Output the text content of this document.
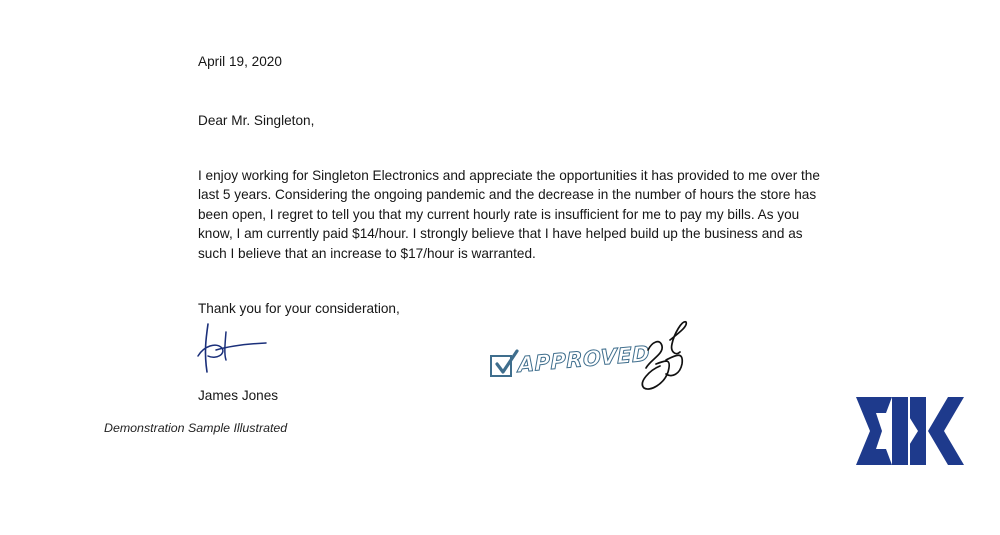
April 19, 2020
Dear Mr. Singleton,
I enjoy working for Singleton Electronics and appreciate the opportunities it has provided to me over the
last 5 years. Considering the ongoing pandemic and the decrease in the number of hours the store has
been open, I regret to tell you that my current hourly rate is insufficient for me to pay my bills. As you
know, I am currently paid $14/hour. I strongly believe that I have helped build up the business and as
such I believe that an increase to $17/hour is warranted.
Thank you for your consideration,
James Jones
Demonstration Sample Illustrated
APPROVED
